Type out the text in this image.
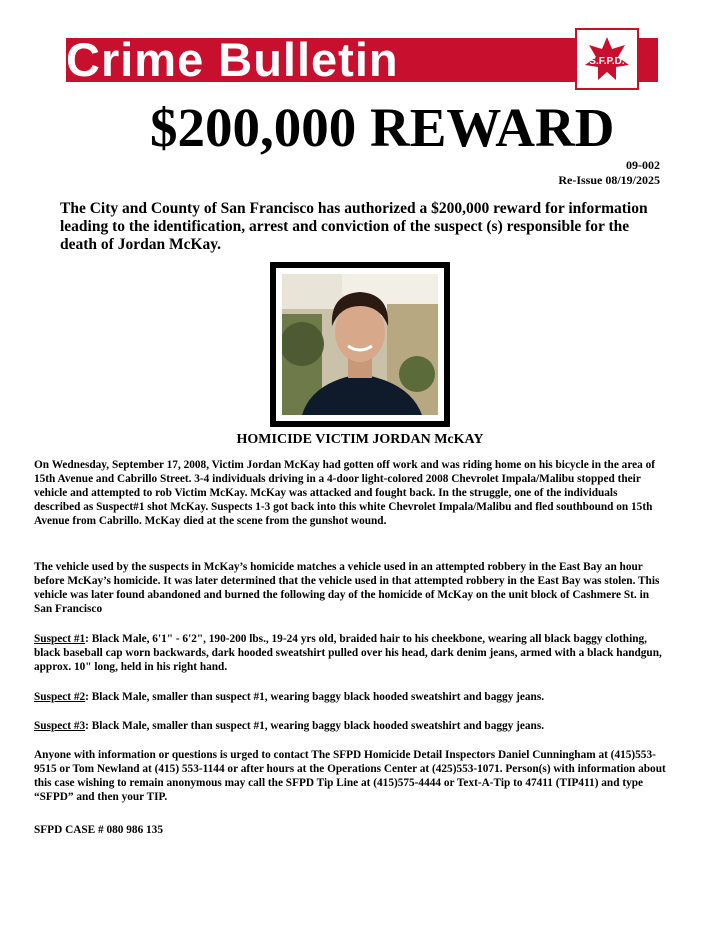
Crime Bulletin	S.F.P.D.
$200,000 REWARD
09-002
Re-Issue 08/19/2025
The City and County of San Francisco has authorized a $200,000 reward for information leading to the identification, arrest and conviction of the suspect (s) responsible for the death of Jordan McKay.
HOMICIDE VICTIM JORDAN McKAY
On Wednesday, September 17, 2008, Victim Jordan McKay had gotten off work and was riding home on his bicycle in the area of 15th Avenue and Cabrillo Street. 3-4 individuals driving in a 4-door light-colored 2008 Chevrolet Impala/Malibu stopped their vehicle and attempted to rob Victim McKay. McKay was attacked and fought back. In the struggle, one of the individuals described as Suspect#1 shot McKay. Suspects 1-3 got back into this white Chevrolet Impala/Malibu and fled southbound on 15th Avenue from Cabrillo. McKay died at the scene from the gunshot wound.
The vehicle used by the suspects in McKay’s homicide matches a vehicle used in an attempted robbery in the East Bay an hour before McKay’s homicide. It was later determined that the vehicle used in that attempted robbery in the East Bay was stolen. This vehicle was later found abandoned and burned the following day of the homicide of McKay on the unit block of Cashmere St. in San Francisco
Suspect #1: Black Male, 6'1" - 6'2", 190-200 lbs., 19-24 yrs old, braided hair to his cheekbone, wearing all black baggy clothing, black baseball cap worn backwards, dark hooded sweatshirt pulled over his head, dark denim jeans, armed with a black handgun, approx. 10" long, held in his right hand.
Suspect #2: Black Male, smaller than suspect #1, wearing baggy black hooded sweatshirt and baggy jeans.
Suspect #3: Black Male, smaller than suspect #1, wearing baggy black hooded sweatshirt and baggy jeans.
Anyone with information or questions is urged to contact The SFPD Homicide Detail Inspectors Daniel Cunningham at (415)553-9515 or Tom Newland at (415) 553-1144 or after hours at the Operations Center at (425)553-1071. Person(s) with information about this case wishing to remain anonymous may call the SFPD Tip Line at (415)575-4444 or Text-A-Tip to 47411 (TIP411) and type “SFPD” and then your TIP.
SFPD CASE # 080 986 135
